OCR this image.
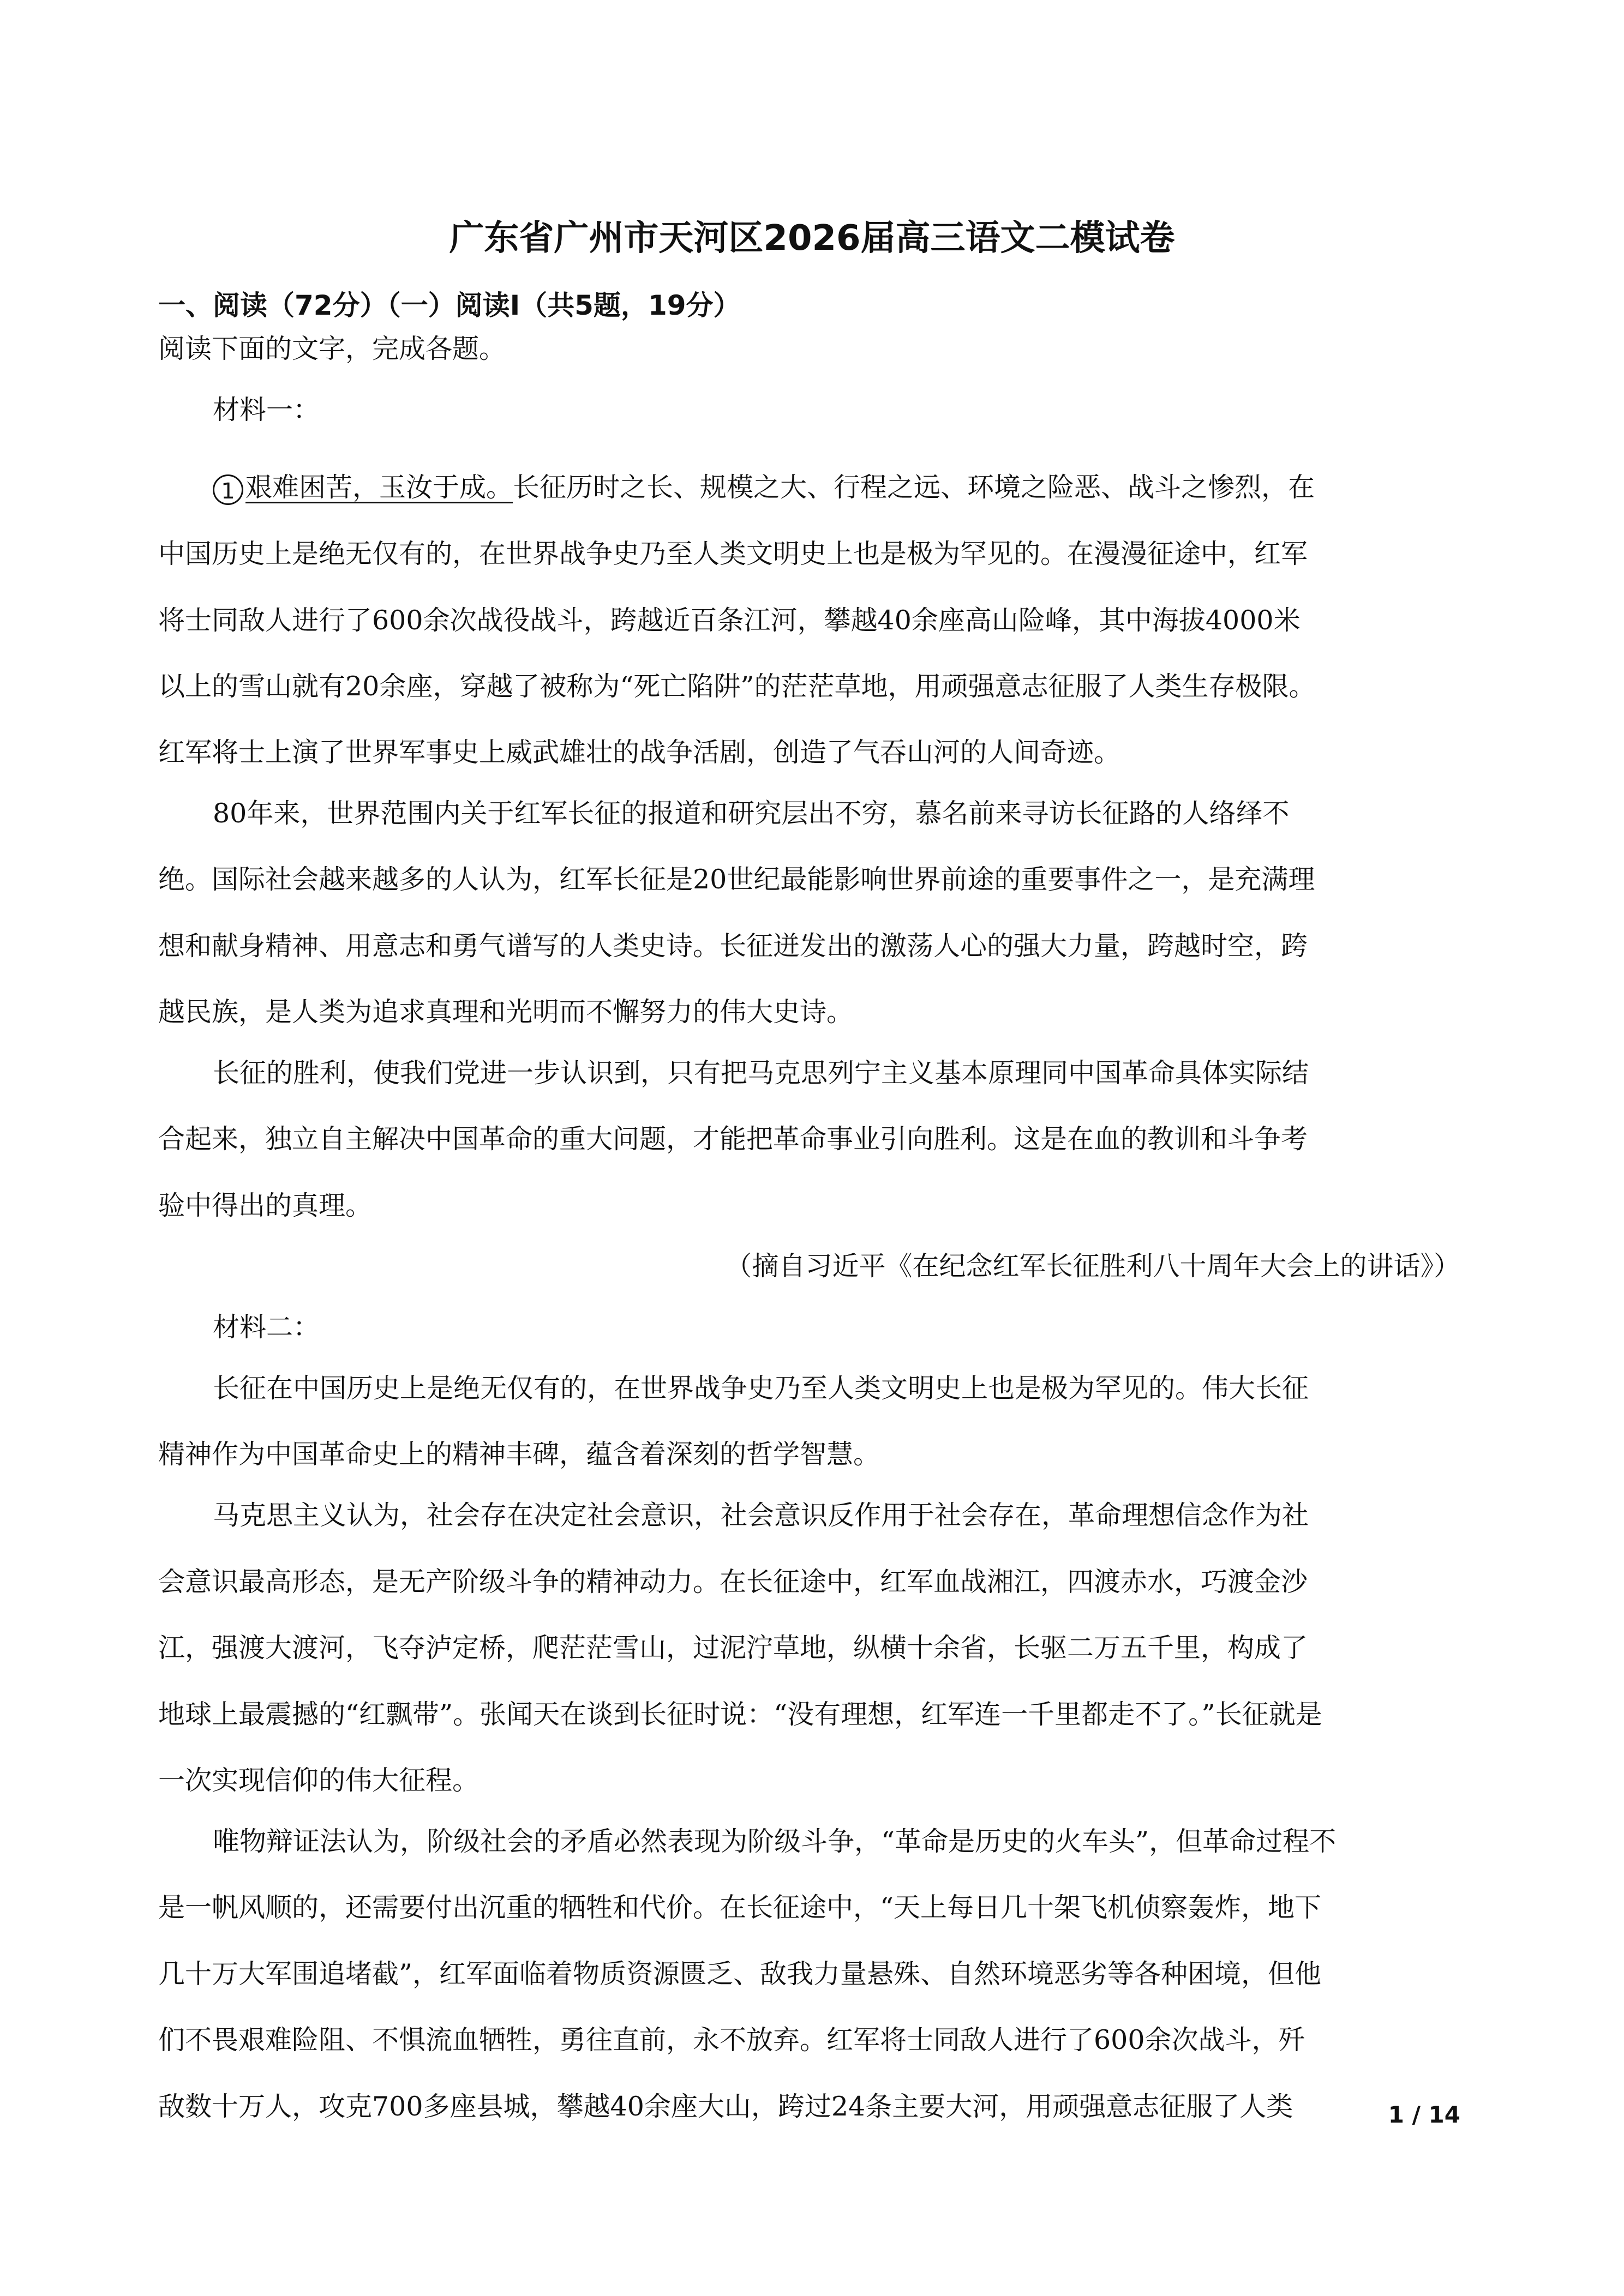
广东省广州市天河区2026届高三语文二模试卷
一、阅读（72分）（一）阅读Ⅰ（共5题，19分）
阅读下面的文字，完成各题。
材料一：
1 艰难困苦，玉汝于成。长征历时之长、规模之大、行程之远、环境之险恶、战斗之惨烈，在
中国历史上是绝无仅有的，在世界战争史乃至人类文明史上也是极为罕见的。在漫漫征途中，红军
将士同敌人进行了600余次战役战斗，跨越近百条江河，攀越40余座高山险峰，其中海拔4000米
以上的雪山就有20余座，穿越了被称为“死亡陷阱”的茫茫草地，用顽强意志征服了人类生存极限。
红军将士上演了世界军事史上威武雄壮的战争活剧，创造了气吞山河的人间奇迹。
80年来，世界范围内关于红军长征的报道和研究层出不穷，慕名前来寻访长征路的人络绎不
绝。国际社会越来越多的人认为，红军长征是20世纪最能影响世界前途的重要事件之一，是充满理
想和献身精神、用意志和勇气谱写的人类史诗。长征迸发出的激荡人心的强大力量，跨越时空，跨
越民族，是人类为追求真理和光明而不懈努力的伟大史诗。
长征的胜利，使我们党进一步认识到，只有把马克思列宁主义基本原理同中国革命具体实际结
合起来，独立自主解决中国革命的重大问题，才能把革命事业引向胜利。这是在血的教训和斗争考
验中得出的真理。
（摘自习近平《在纪念红军长征胜利八十周年大会上的讲话》）
材料二：
长征在中国历史上是绝无仅有的，在世界战争史乃至人类文明史上也是极为罕见的。伟大长征
精神作为中国革命史上的精神丰碑，蕴含着深刻的哲学智慧。
马克思主义认为，社会存在决定社会意识，社会意识反作用于社会存在，革命理想信念作为社
会意识最高形态，是无产阶级斗争的精神动力。在长征途中，红军血战湘江，四渡赤水，巧渡金沙
江，强渡大渡河，飞夺泸定桥，爬茫茫雪山，过泥泞草地，纵横十余省，长驱二万五千里，构成了
地球上最震撼的“红飘带”。张闻天在谈到长征时说：“没有理想，红军连一千里都走不了。”长征就是
一次实现信仰的伟大征程。
唯物辩证法认为，阶级社会的矛盾必然表现为阶级斗争，“革命是历史的火车头”，但革命过程不
是一帆风顺的，还需要付出沉重的牺牲和代价。在长征途中，“天上每日几十架飞机侦察轰炸，地下
几十万大军围追堵截”，红军面临着物质资源匮乏、敌我力量悬殊、自然环境恶劣等各种困境，但他
们不畏艰难险阻、不惧流血牺牲，勇往直前，永不放弃。红军将士同敌人进行了600余次战斗，歼
敌数十万人，攻克700多座县城，攀越40余座大山，跨过24条主要大河，用顽强意志征服了人类	1 / 14
